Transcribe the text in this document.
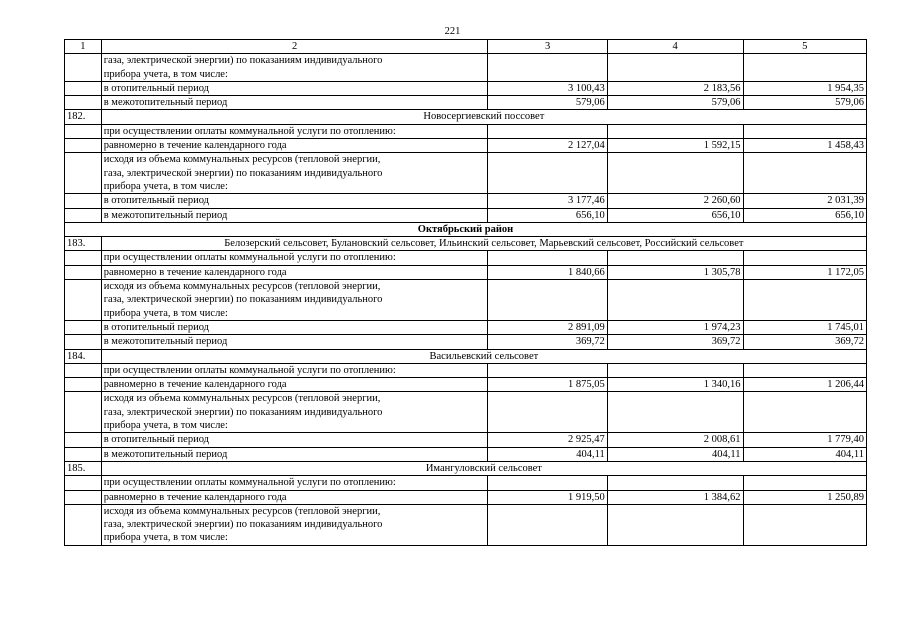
221
1	2	3	4	5

	газа, электрической энергии) по показаниям индивидуального
прибора учета, в том числе:			

	в отопительный период	3 100,43	2 183,56	1 954,35

	в межотопительный период	579,06	579,06	579,06
182.	Новосергиевский поссовет			

	при осуществлении оплаты коммунальной услуги по отоплению:			

	равномерно в течение календарного года	2 127,04	1 592,15	1 458,43

	исходя из объема коммунальных ресурсов (тепловой энергии,
газа, электрической энергии) по показаниям индивидуального
прибора учета, в том числе:			

	в отопительный период	3 177,46	2 260,60	2 031,39

	в межотопительный период	656,10	656,10	656,10
Октябрьский район				
183.	Белозерский сельсовет, Булановский сельсовет, Ильинский сельсовет, Марьевский сельсовет, Российский сельсовет			

	при осуществлении оплаты коммунальной услуги по отоплению:			

	равномерно в течение календарного года	1 840,66	1 305,78	1 172,05

	исходя из объема коммунальных ресурсов (тепловой энергии,
газа, электрической энергии) по показаниям индивидуального
прибора учета, в том числе:			

	в отопительный период	2 891,09	1 974,23	1 745,01

	в межотопительный период	369,72	369,72	369,72
184.	Васильевский сельсовет			

	при осуществлении оплаты коммунальной услуги по отоплению:			

	равномерно в течение календарного года	1 875,05	1 340,16	1 206,44

	исходя из объема коммунальных ресурсов (тепловой энергии,
газа, электрической энергии) по показаниям индивидуального
прибора учета, в том числе:			

	в отопительный период	2 925,47	2 008,61	1 779,40

	в межотопительный период	404,11	404,11	404,11
185.	Имангуловский сельсовет			

	при осуществлении оплаты коммунальной услуги по отоплению:			

	равномерно в течение календарного года	1 919,50	1 384,62	1 250,89

	исходя из объема коммунальных ресурсов (тепловой энергии,
газа, электрической энергии) по показаниям индивидуального
прибора учета, в том числе:			
